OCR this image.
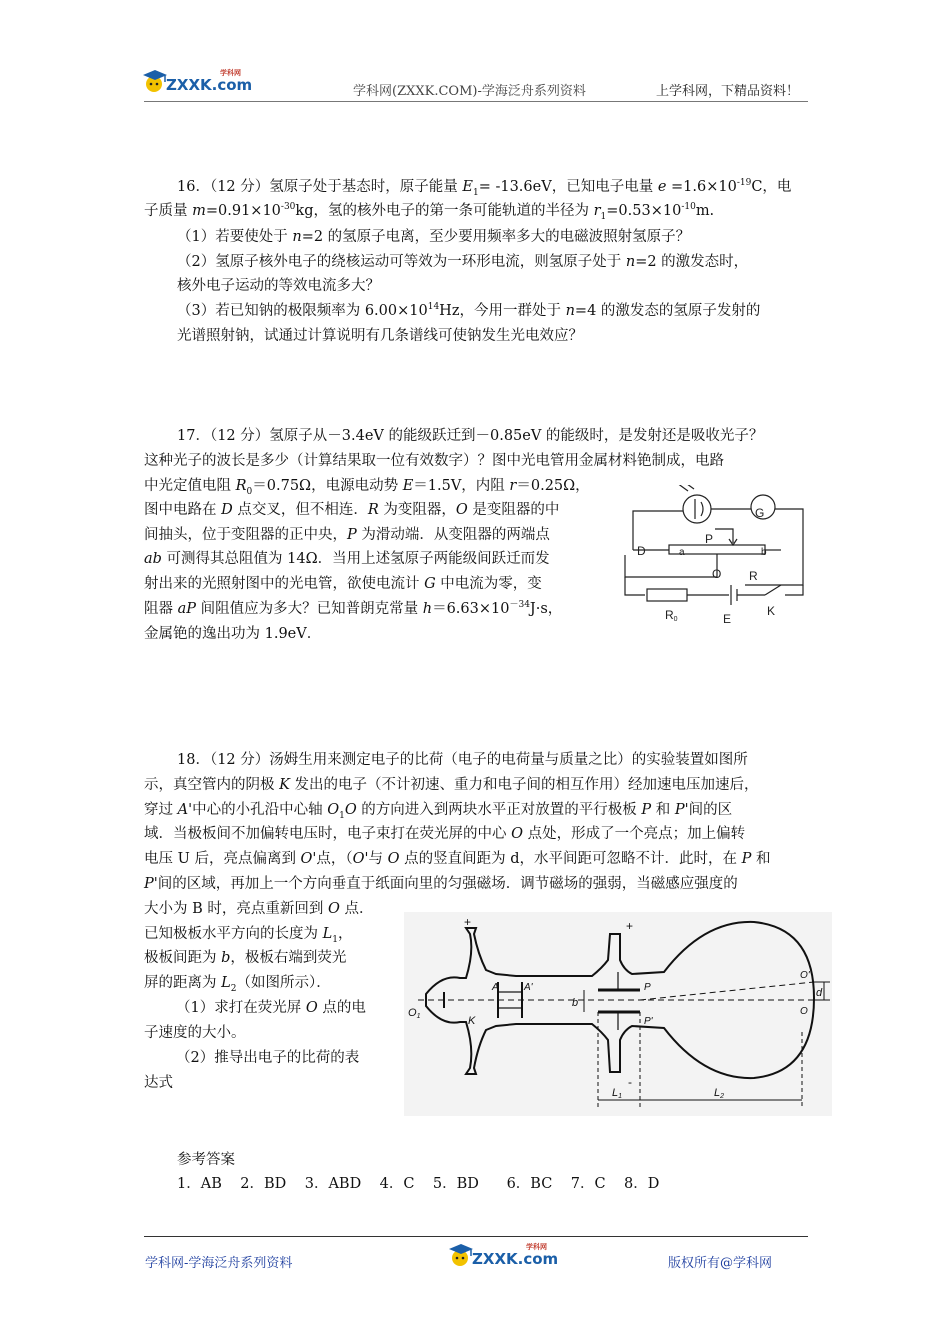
ZXXK.com
学科网
学科网(ZXXK.COM)-学海泛舟系列资料	上学科网，下精品资料！
16．（12 分）氢原子处于基态时，原子能量 $E_1= -13.6eV$，已知电子电量 $e =1.6\times 10^{-19}C$，电
子质量 $m=0.91\times 10^{-30}kg$，氢的核外电子的第一条可能轨道的半径为 $r_1=0.53\times 10^{-10}m$.
（1）若要使处于 n=2 的氢原子电离，至少要用频率多大的电磁波照射氢原子？
（2）氢原子核外电子的绕核运动可等效为一环形电流，则氢原子处于 n=2 的激发态时，
核外电子运动的等效电流多大？
（3）若已知钠的极限频率为 $6.00\times 10^{14}Hz$，今用一群处于 n=4 的激发态的氢原子发射的
光谱照射钠，试通过计算说明有几条谱线可使钠发生光电效应？
17．（12 分）氢原子从－3.4eV 的能级跃迁到－0.85eV 的能级时，是发射还是吸收光子？
这种光子的波长是多少（计算结果取一位有效数字）？图中光电管用金属材料铯制成，电路
中光定值电阻 $R_0=0.75\Omega$，电源电动势 E＝1.5V，内阻 r＝0.25Ω，
图中电路在 D 点交叉，但不相连．R 为变阻器，O 是变阻器的中
间抽头，位于变阻器的正中央，P 为滑动端．从变阻器的两端点
ab 可测得其总阻值为 14Ω．当用上述氢原子两能级间跃迁而发
射出来的光照射图中的光电管，欲使电流计 G 中电流为零，变
阻器 aP 间阻值应为多大？已知普朗克常量 $h=6.63\times 10^{-34}J\cdot s$，
金属铯的逸出功为 1.9eV．
G
D	a
P
b
O R
R0	E
K
18．（12 分）汤姆生用来测定电子的比荷（电子的电荷量与质量之比）的实验装置如图所
示，真空管内的阴极 K 发出的电子（不计初速、重力和电子间的相互作用）经加速电压加速后，
穿过 A'中心的小孔沿中心轴 $O_1O$ 的方向进入到两块水平正对放置的平行极板 P 和 P'间的区
域．当极板间不加偏转电压时，电子束打在荧光屏的中心 O 点处，形成了一个亮点；加上偏转
电压 U 后，亮点偏离到 O'点，（O'与 O 点的竖直间距为 d，水平间距可忽略不计．此时，在 P 和
P'间的区域，再加上一个方向垂直于纸面向里的匀强磁场．调节磁场的强弱，当磁感应强度的
大小为 B 时，亮点重新回到 O 点．
已知极板水平方向的长度为 $L_1$，
极板间距为 b，极板右端到荧光
屏的距离为 $L_2$（如图所示）．
（1）求打在荧光屏 O 点的电
子速度的大小。
（2）推导出电子的比荷的表
达式
+	+
-
A	A'
K
b
P
P'
O'
O
O1
d
L1	L2
参考答案
1．AB    2．BD    3．ABD    4．C    5．BD      6．BC    7．C    8．D
学科网-学海泛舟系列资料	ZXXK.com
学科网
版权所有@学科网
